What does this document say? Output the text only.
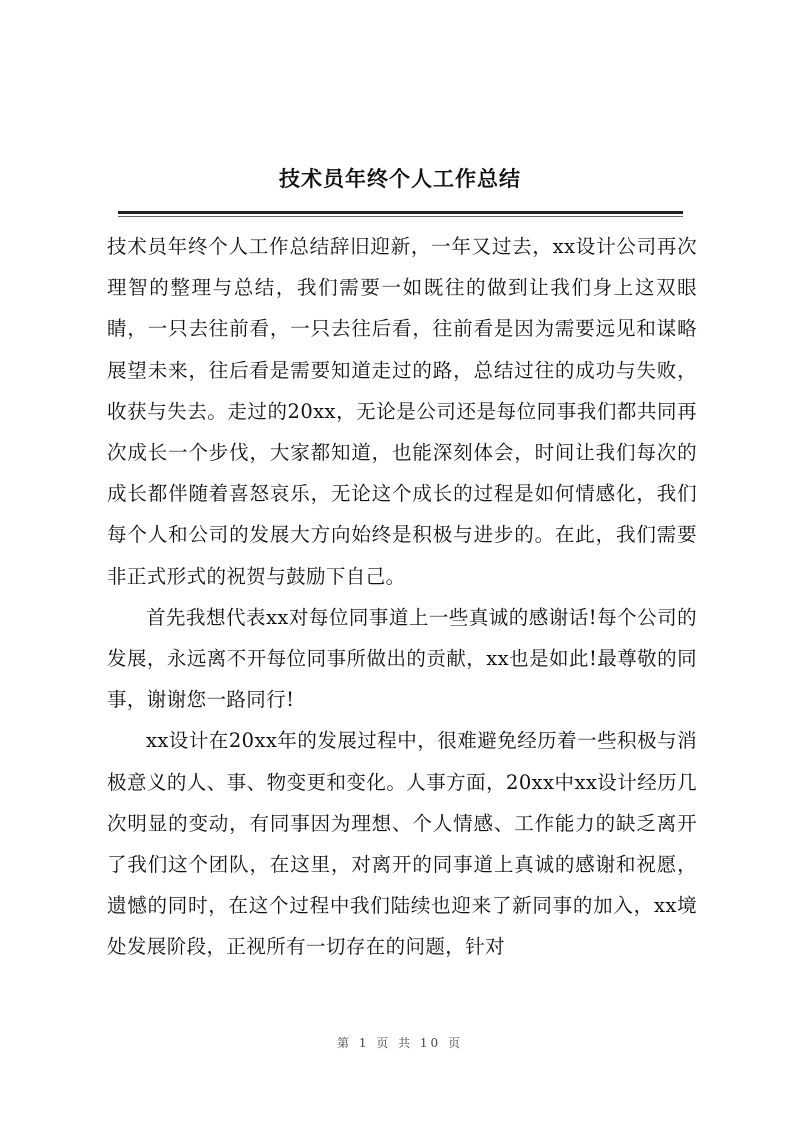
技术员年终个人工作总结

技术员年终个人工作总结辞旧迎新，一年又过去，xx设计公司再次理智的整理与总结，我们需要一如既往的做到让我们身上这双眼睛，一只去往前看，一只去往后看，往前看是因为需要远见和谋略展望未来，往后看是需要知道走过的路，总结过往的成功与失败，收获与失去。走过的20xx，无论是公司还是每位同事我们都共同再次成长一个步伐，大家都知道，也能深刻体会，时间让我们每次的成长都伴随着喜怒哀乐，无论这个成长的过程是如何情感化，我们每个人和公司的发展大方向始终是积极与进步的。在此，我们需要非正式形式的祝贺与鼓励下自己。

首先我想代表xx对每位同事道上一些真诚的感谢话!每个公司的发展，永远离不开每位同事所做出的贡献，xx也是如此!最尊敬的同事，谢谢您一路同行!

xx设计在20xx年的发展过程中，很难避免经历着一些积极与消极意义的人、事、物变更和变化。人事方面，20xx中xx设计经历几次明显的变动，有同事因为理想、个人情感、工作能力的缺乏离开了我们这个团队，在这里，对离开的同事道上真诚的感谢和祝愿，遗憾的同时，在这个过程中我们陆续也迎来了新同事的加入，xx境处发展阶段，正视所有一切存在的问题，针对

第 1 页 共 10 页
